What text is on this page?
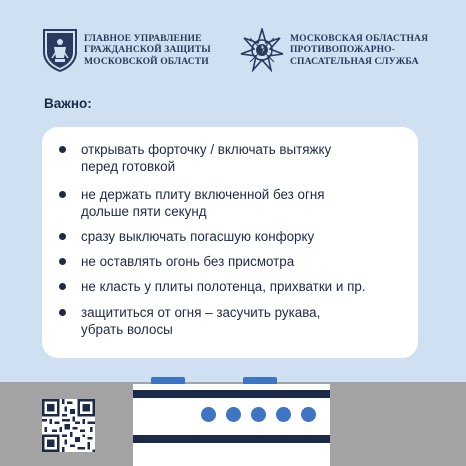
ГЛАВНОЕ УПРАВЛЕНИЕ
ГРАЖДАНСКОЙ ЗАЩИТЫ
МОСКОВСКОЙ ОБЛАСТИ
МОСКОВСКАЯ ОБЛАСТНАЯ
ПРОТИВОПОЖАРНО-
СПАСАТЕЛЬНАЯ СЛУЖБА
Важно:
открывать форточку / включать вытяжку
перед готовкой
не держать плиту включенной без огня
дольше пяти секунд
сразу выключать погасшую конфорку
не оставлять огонь без присмотра
не класть у плиты полотенца, прихватки и пр.
защититься от огня – засучить рукава,
убрать волосы
